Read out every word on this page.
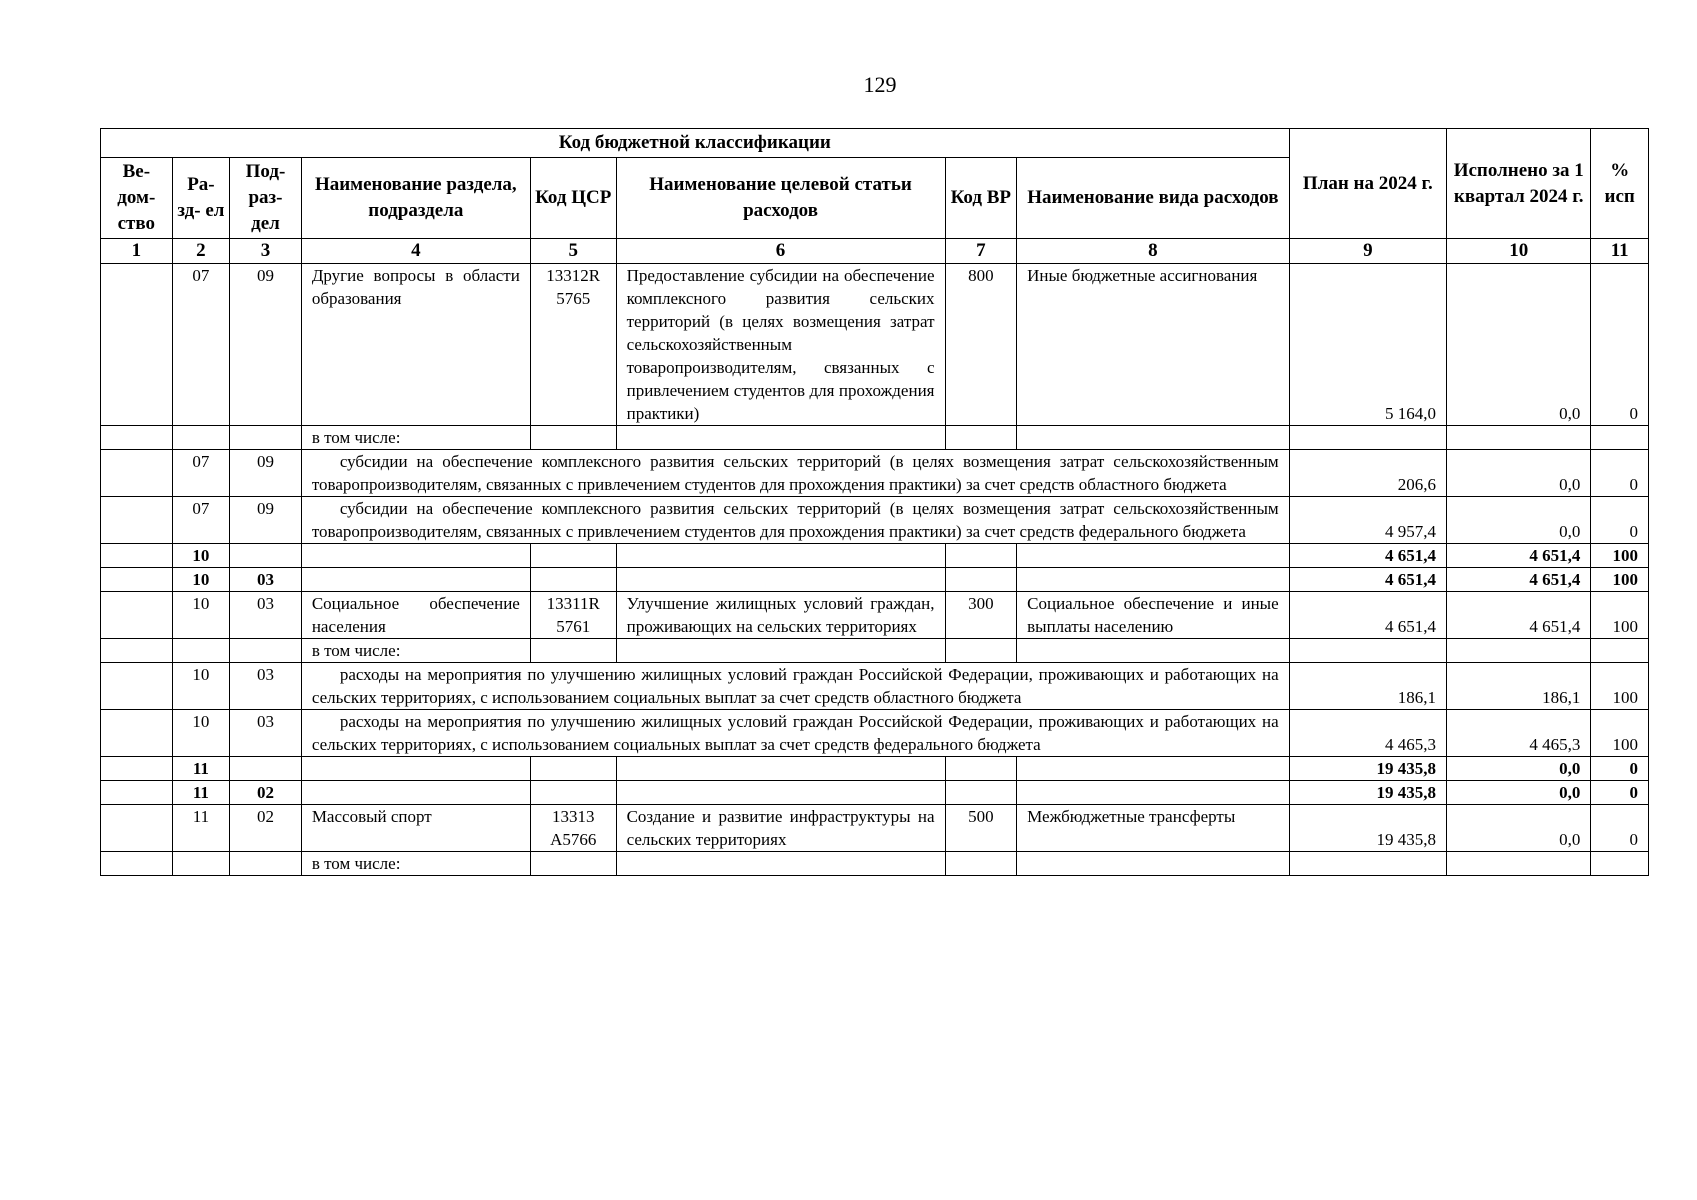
129
Код бюджетной классификации								План на 2024 г.	Исполнено за 1 квартал 2024 г.	% исп
Ве- дом- ство	Ра- зд- ел	Под- раз- дел	Наименование раздела, подраздела	Код ЦСР	Наименование целевой статьи расходов	Код ВР	Наименование вида расходов			
1	2	3	4	5	6	7	8	9	10	11
	07	09	Другие вопросы в области образования	13312R 5765	Предоставление субсидии на обеспечение комплексного развития сельских территорий (в целях возмещения затрат сельскохозяйственным товаропроизводителям, связанных с привлечением студентов для прохождения практики)	800	Иные бюджетные ассигнования	5 164,0	0,0	0
			в том числе:							
	07	09	субсидии на обеспечение комплексного развития сельских территорий (в целях возмещения затрат сельскохозяйственным товаропроизводителям, связанных с привлечением студентов для прохождения практики) за счет средств областного бюджета					206,6	0,0	0
	07	09	субсидии на обеспечение комплексного развития сельских территорий (в целях возмещения затрат сельскохозяйственным товаропроизводителям, связанных с привлечением студентов для прохождения практики) за счет средств федерального бюджета					4 957,4	0,0	0
	10							4 651,4	4 651,4	100
	10	03						4 651,4	4 651,4	100
	10	03	Социальное обеспечение населения	13311R 5761	Улучшение жилищных условий граждан, проживающих на сельских территориях	300	Социальное обеспечение и иные выплаты населению	4 651,4	4 651,4	100
			в том числе:							
	10	03	расходы на мероприятия по улучшению жилищных условий граждан Российской Федерации, проживающих и работающих на сельских территориях, с использованием социальных выплат за счет средств областного бюджета					186,1	186,1	100
	10	03	расходы на мероприятия по улучшению жилищных условий граждан Российской Федерации, проживающих и работающих на сельских территориях, с использованием социальных выплат за счет средств федерального бюджета					4 465,3	4 465,3	100
	11							19 435,8	0,0	0
	11	02						19 435,8	0,0	0
	11	02	Массовый спорт	13313 А5766	Создание и развитие инфраструктуры на сельских территориях	500	Межбюджетные трансферты	19 435,8	0,0	0
			в том числе:							
